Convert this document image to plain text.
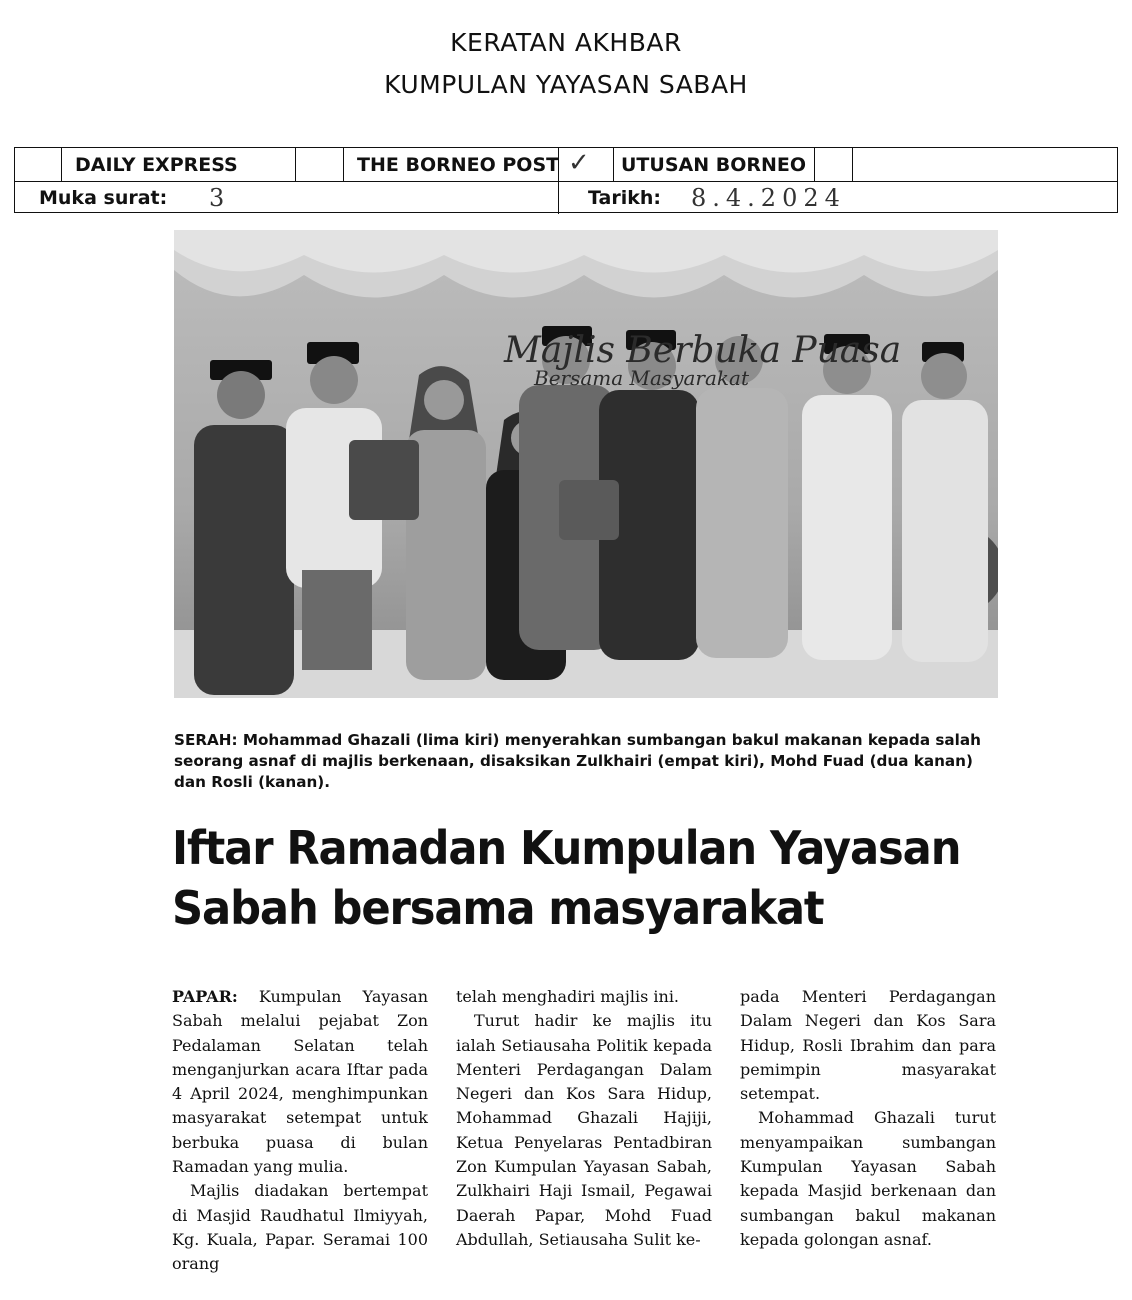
KERATAN AKHBAR
KUMPULAN YAYASAN SABAH
DAILY EXPRESS	THE BORNEO POST ✓ UTUSAN BORNEO
Muka surat: 3	Tarikh: 8.4.2024
Majlis Berbuka Puasa
Bersama Masyarakat
SERAH: Mohammad Ghazali (lima kiri) menyerahkan sumbangan bakul makanan kepada salah seorang asnaf di majlis berkenaan, disaksikan Zulkhairi (empat kiri), Mohd Fuad (dua kanan) dan Rosli (kanan).
Iftar Ramadan Kumpulan Yayasan
Sabah bersama masyarakat

PAPAR: Kumpulan Yayasan Sabah melalui pejabat Zon Pedalaman Selatan telah menganjurkan acara Iftar pada 4 April 2024, menghimpunkan masyarakat setempat untuk berbuka puasa di bulan Ramadan yang mulia.

Majlis diadakan bertempat di Masjid Raudhatul Ilmiyyah, Kg. Kuala, Papar. Seramai 100 orang

telah menghadiri majlis ini.

Turut hadir ke majlis itu ialah Setiausaha Politik kepada Menteri Perdagangan Dalam Negeri dan Kos Sara Hidup, Mohammad Ghazali Hajiji, Ketua Penyelaras Pentadbiran Zon Kumpulan Yayasan Sabah, Zulkhairi Haji Ismail, Pegawai Daerah Papar, Mohd Fuad Abdullah, Setiausaha Sulit ke-

pada Menteri Perdagangan Dalam Negeri dan Kos Sara Hidup, Rosli Ibrahim dan para pemimpin masyarakat setempat.

Mohammad Ghazali turut menyampaikan sumbangan Kumpulan Yayasan Sabah kepada Masjid berkenaan dan sumbangan bakul makanan kepada golongan asnaf.
